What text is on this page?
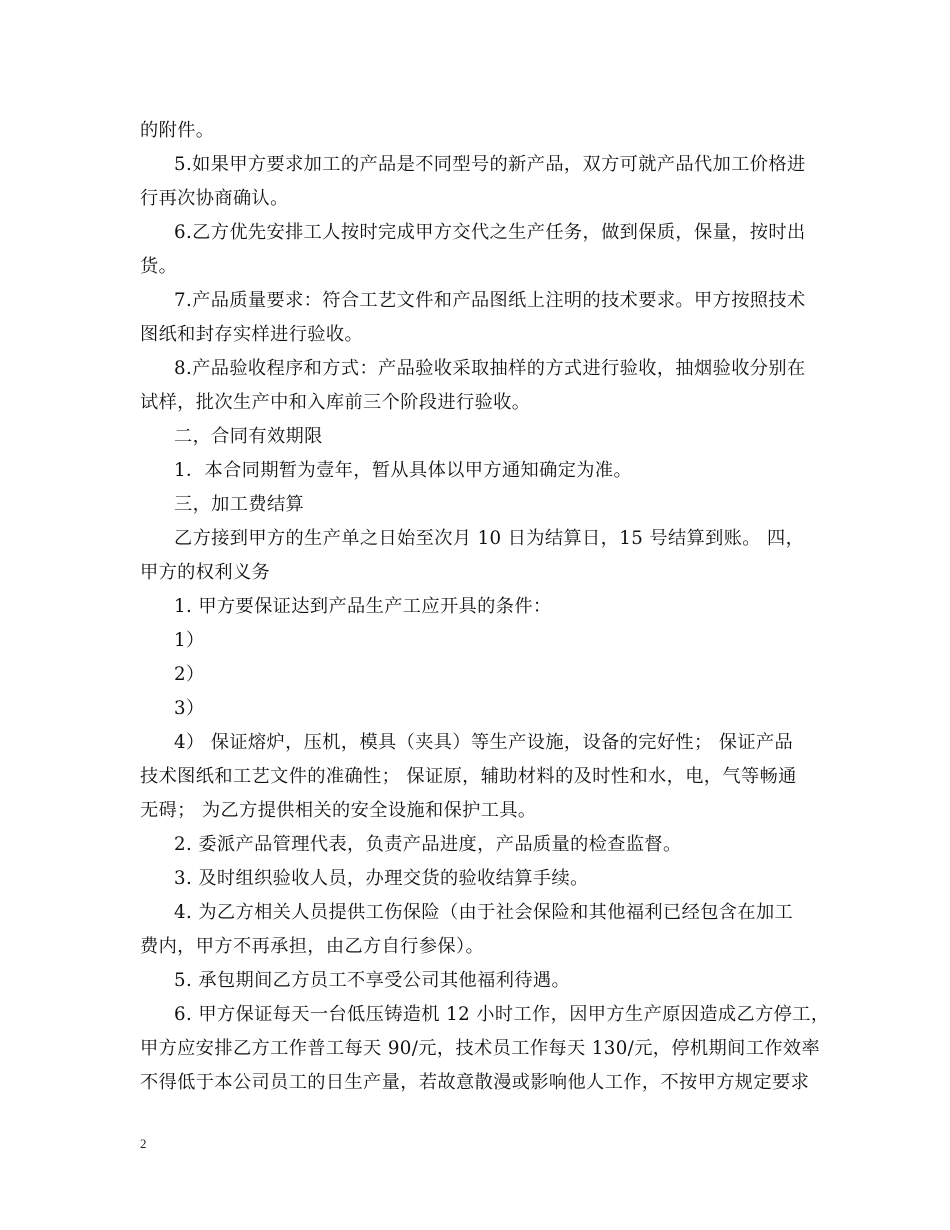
的附件。
5.如果甲方要求加工的产品是不同型号的新产品，双方可就产品代加工价格进
行再次协商确认。
6.乙方优先安排工人按时完成甲方交代之生产任务，做到保质，保量，按时出
货。
7.产品质量要求：符合工艺文件和产品图纸上注明的技术要求。甲方按照技术
图纸和封存实样进行验收。
8.产品验收程序和方式：产品验收采取抽样的方式进行验收，抽烟验收分别在
试样，批次生产中和入库前三个阶段进行验收。
二，合同有效期限
1．本合同期暂为壹年，暂从具体以甲方通知确定为准。
三，加工费结算
乙方接到甲方的生产单之日始至次月 10 日为结算日，15 号结算到账。 四，
甲方的权利义务
1. 甲方要保证达到产品生产工应开具的条件：
1）
2）
3）
4） 保证熔炉，压机，模具（夹具）等生产设施，设备的完好性； 保证产品
技术图纸和工艺文件的准确性； 保证原，辅助材料的及时性和水，电，气等畅通
无碍； 为乙方提供相关的安全设施和保护工具。
2. 委派产品管理代表，负责产品进度，产品质量的检查监督。
3. 及时组织验收人员，办理交货的验收结算手续。
4. 为乙方相关人员提供工伤保险（由于社会保险和其他福利已经包含在加工
费内，甲方不再承担，由乙方自行参保）。
5. 承包期间乙方员工不享受公司其他福利待遇。
6. 甲方保证每天一台低压铸造机 12 小时工作，因甲方生产原因造成乙方停工，
甲方应安排乙方工作普工每天 90/元，技术员工作每天 130/元，停机期间工作效率
不得低于本公司员工的日生产量，若故意散漫或影响他人工作，不按甲方规定要求
2
